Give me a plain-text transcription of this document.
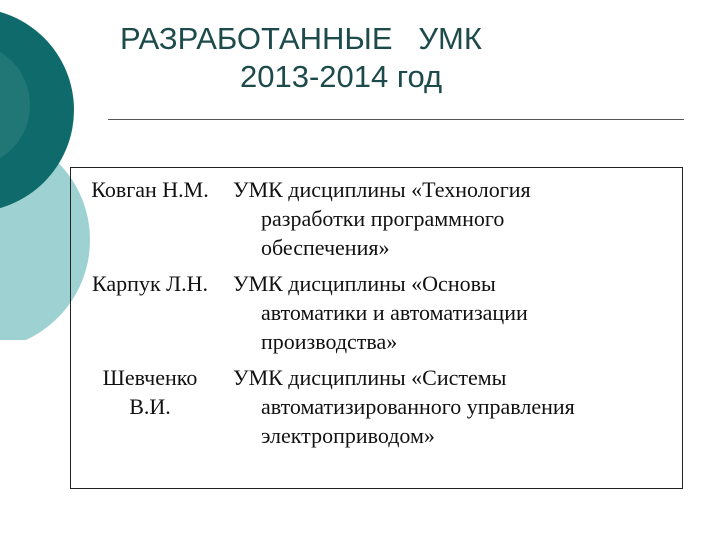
РАЗРАБОТАННЫЕ   УМК
2013-2014 год
Ковган Н.М.	УМК дисциплины «Технология
разработки программного
обеспечения»

Карпук Л.Н.	УМК дисциплины «Основы
автоматики и автоматизации
производства»

Шевченко
В.И.	УМК дисциплины «Системы
автоматизированного управления
электроприводом»
